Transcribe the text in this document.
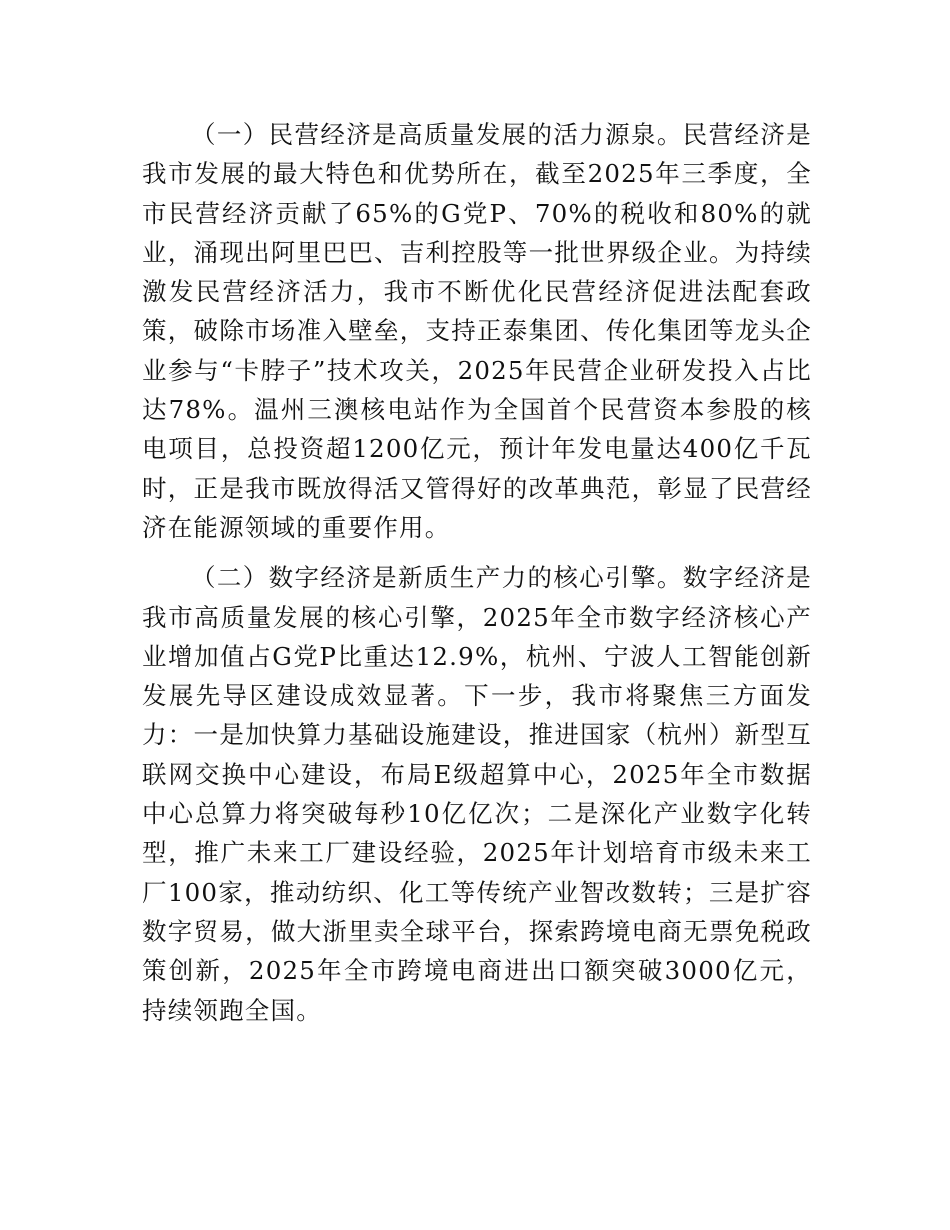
（一）民营经济是高质量发展的活力源泉。民营经济是我市发展的最大特色和优势所在，截至2025年三季度，全市民营经济贡献了65%的G党P、70%的税收和80%的就业，涌现出阿里巴巴、吉利控股等一批世界级企业。为持续激发民营经济活力，我市不断优化民营经济促进法配套政策，破除市场准入壁垒，支持正泰集团、传化集团等龙头企业参与“卡脖子”技术攻关，2025年民营企业研发投入占比达78%。温州三澳核电站作为全国首个民营资本参股的核电项目，总投资超1200亿元，预计年发电量达400亿千瓦时，正是我市既放得活又管得好的改革典范，彰显了民营经济在能源领域的重要作用。

（二）数字经济是新质生产力的核心引擎。数字经济是我市高质量发展的核心引擎，2025年全市数字经济核心产业增加值占G党P比重达12.9%，杭州、宁波人工智能创新发展先导区建设成效显著。下一步，我市将聚焦三方面发力：一是加快算力基础设施建设，推进国家（杭州）新型互联网交换中心建设，布局E级超算中心，2025年全市数据中心总算力将突破每秒10亿亿次；二是深化产业数字化转型，推广未来工厂建设经验，2025年计划培育市级未来工厂100家，推动纺织、化工等传统产业智改数转；三是扩容数字贸易，做大浙里卖全球平台，探索跨境电商无票免税政策创新，2025年全市跨境电商进出口额突破3000亿元，持续领跑全国。
